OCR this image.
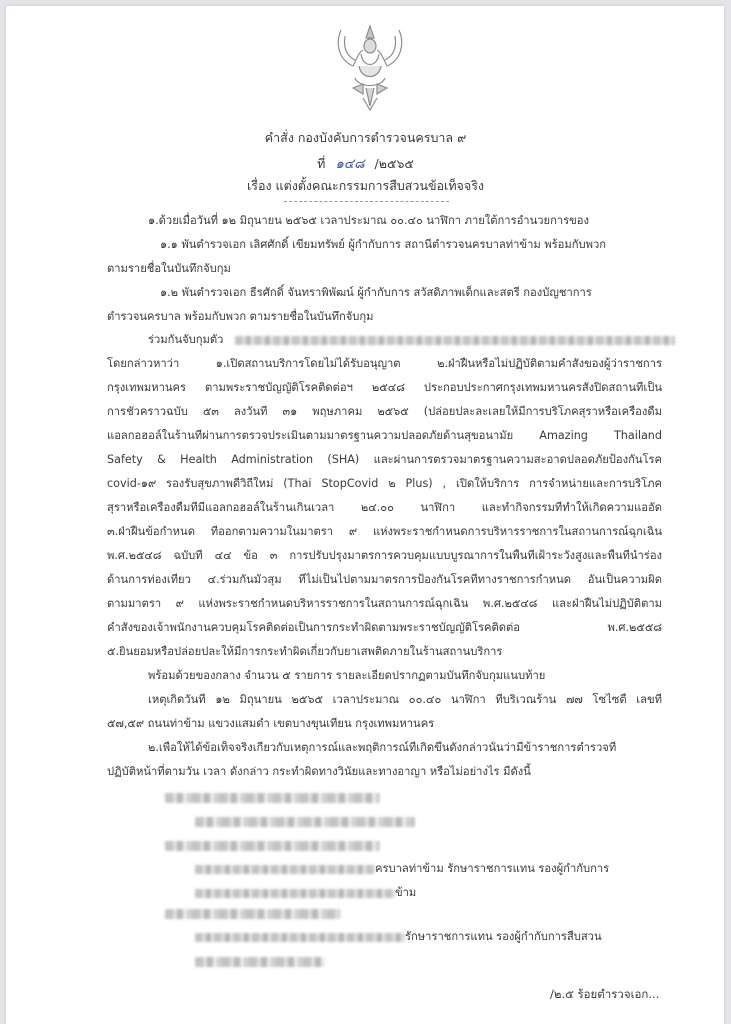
คำสั่ง กองบังคับการตำรวจนครบาล ๙
ที่ ๑๔๘ /๒๕๖๕
เรื่อง แต่งตั้งคณะกรรมการสืบสวนข้อเท็จจริง
๑.ด้วยเมื่อวันที่ ๑๒ มิถุนายน ๒๕๖๕ เวลาประมาณ ๐๐.๔๐ นาฬิกา ภายใต้การอำนวยการของ
๑.๑ พันตำรวจเอก เลิศศักดิ์ เขียมทรัพย์ ผู้กำกับการ สถานีตำรวจนครบาลท่าข้าม พร้อมกับพวก
ตามรายชื่อในบันทึกจับกุม
๑.๒ พันตำรวจเอก ธีรศักดิ์ จันทราพิพัฒน์ ผู้กำกับการ สวัสดิภาพเด็กและสตรี กองบัญชาการ
ตำรวจนครบาล พร้อมกับพวก ตามรายชื่อในบันทึกจับกุม
ร่วมกันจับกุมตัว
โดยกล่าวหาว่า ๑.เปิดสถานบริการโดยไม่ได้รับอนุญาต ๒.ฝ่าฝืนหรือไม่ปฏิบัติตามคำสั่งของผู้ว่าราชการ
กรุงเทพมหานคร ตามพระราชบัญญัติโรคติดต่อฯ ๒๕๔๘ ประกอบประกาศกรุงเทพมหานครสั่งปิดสถานที่เป็น
การชั่วคราวฉบับ ๕๓ ลงวันที่ ๓๑ พฤษภาคม ๒๕๖๕ (ปล่อยปละละเลยให้มีการบริโภคสุราหรือเครื่องดื่ม
แอลกอฮอล์ในร้านที่ผ่านการตรวจประเมินตามมาตรฐานความปลอดภัยด้านสุขอนามัย Amazing Thailand
Safety & Health Administration (SHA) และผ่านการตรวจมาตรฐานความสะอาดปลอดภัยป้องกันโรค
covid-๑๙ รองรับสุขภาพดีวิถีใหม่ (Thai StopCovid ๒ Plus) , เปิดให้บริการ การจำหน่ายและการบริโภค
สุราหรือเครื่องดื่มที่มีแอลกอฮอล์ในร้านเกินเวลา ๒๔.๐๐ นาฬิกา และทำกิจกรรมที่ทำให้เกิดความแออัด
๓.ฝ่าฝืนข้อกำหนด ที่ออกตามความในมาตรา ๙ แห่งพระราชกำหนดการบริหารราชการในสถานการณ์ฉุกเฉิน
พ.ศ.๒๕๔๘ ฉบับที่ ๔๔ ข้อ ๓ การปรับปรุงมาตรการควบคุมแบบบูรณาการในพื้นที่เฝ้าระวังสูงและพื้นที่นำร่อง
ด้านการท่องเที่ยว ๔.ร่วมกันมั่วสุม ที่ไม่เป็นไปตามมาตรการป้องกันโรคที่ทางราชการกำหนด อันเป็นความผิด
ตามมาตรา ๙ แห่งพระราชกำหนดบริหารราชการในสถานการณ์ฉุกเฉิน พ.ศ.๒๕๔๘ และฝ่าฝืนไม่ปฏิบัติตาม
คำสั่งของเจ้าพนักงานควบคุมโรคติดต่อเป็นการกระทำผิดตามพระราชบัญญัติโรคติดต่อ พ.ศ.๒๕๕๘
๕.ยินยอมหรือปล่อยปละให้มีการกระทำผิดเกี่ยวกับยาเสพติดภายในร้านสถานบริการ
พร้อมด้วยของกลาง จำนวน ๕ รายการ รายละเอียดปรากฏตามบันทึกจับกุมแนบท้าย
เหตุเกิดวันที่ ๑๒ มิถุนายน ๒๕๖๕ เวลาประมาณ ๐๐.๔๐ นาฬิกา ที่บริเวณร้าน ๗๗ โซไซตี้ เลขที่
๕๗,๕๙ ถนนท่าข้าม แขวงแสมดำ เขตบางขุนเทียน กรุงเทพมหานคร
๒.เพื่อให้ได้ข้อเท็จจริงเกี่ยวกับเหตุการณ์และพฤติการณ์ที่เกิดขึ้นดังกล่าวนั้นว่ามีข้าราชการตำรวจที่
ปฏิบัติหน้าที่ตามวัน เวลา ดังกล่าว กระทำผิดทางวินัยและทางอาญา หรือไม่อย่างไร มีดังนี้
ครบาลท่าข้าม รักษาราชการแทน รองผู้กำกับการ
ข้าม
รักษาราชการแทน รองผู้กำกับการสืบสวน
/๒.๕ ร้อยตำรวจเอก...
